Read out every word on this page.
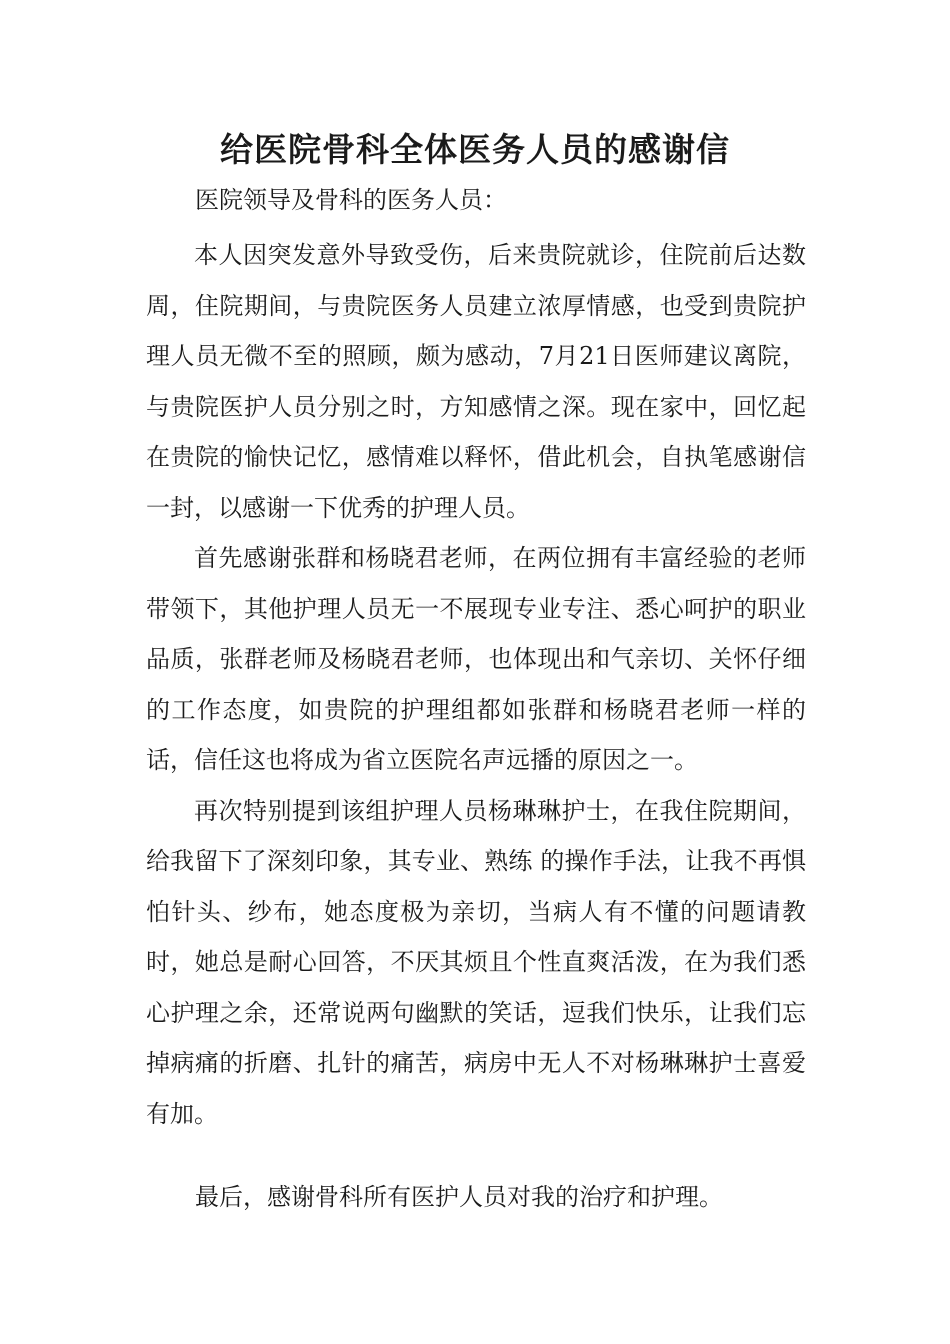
给医院骨科全体医务人员的感谢信

医院领导及骨科的医务人员：

本人因突发意外导致受伤，后来贵院就诊，住院前后达数周，住院期间，与贵院医务人员建立浓厚情感，也受到贵院护理人员无微不至的照顾，颇为感动，7月21日医师建议离院，与贵院医护人员分别之时，方知感情之深。现在家中，回忆起在贵院的愉快记忆，感情难以释怀，借此机会，自执笔感谢信一封，以感谢一下优秀的护理人员。

首先感谢张群和杨晓君老师，在两位拥有丰富经验的老师带领下，其他护理人员无一不展现专业专注、悉心呵护的职业品质，张群老师及杨晓君老师，也体现出和气亲切、关怀仔细的工作态度，如贵院的护理组都如张群和杨晓君老师一样的话，信任这也将成为省立医院名声远播的原因之一。

再次特别提到该组护理人员杨琳琳护士，在我住院期间，给我留下了深刻印象，其专业、熟练 的操作手法，让我不再惧怕针头、纱布，她态度极为亲切，当病人有不懂的问题请教时，她总是耐心回答，不厌其烦且个性直爽活泼，在为我们悉心护理之余，还常说两句幽默的笑话，逗我们快乐，让我们忘掉病痛的折磨、扎针的痛苦，病房中无人不对杨琳琳护士喜爱有加。

最后，感谢骨科所有医护人员对我的治疗和护理。
